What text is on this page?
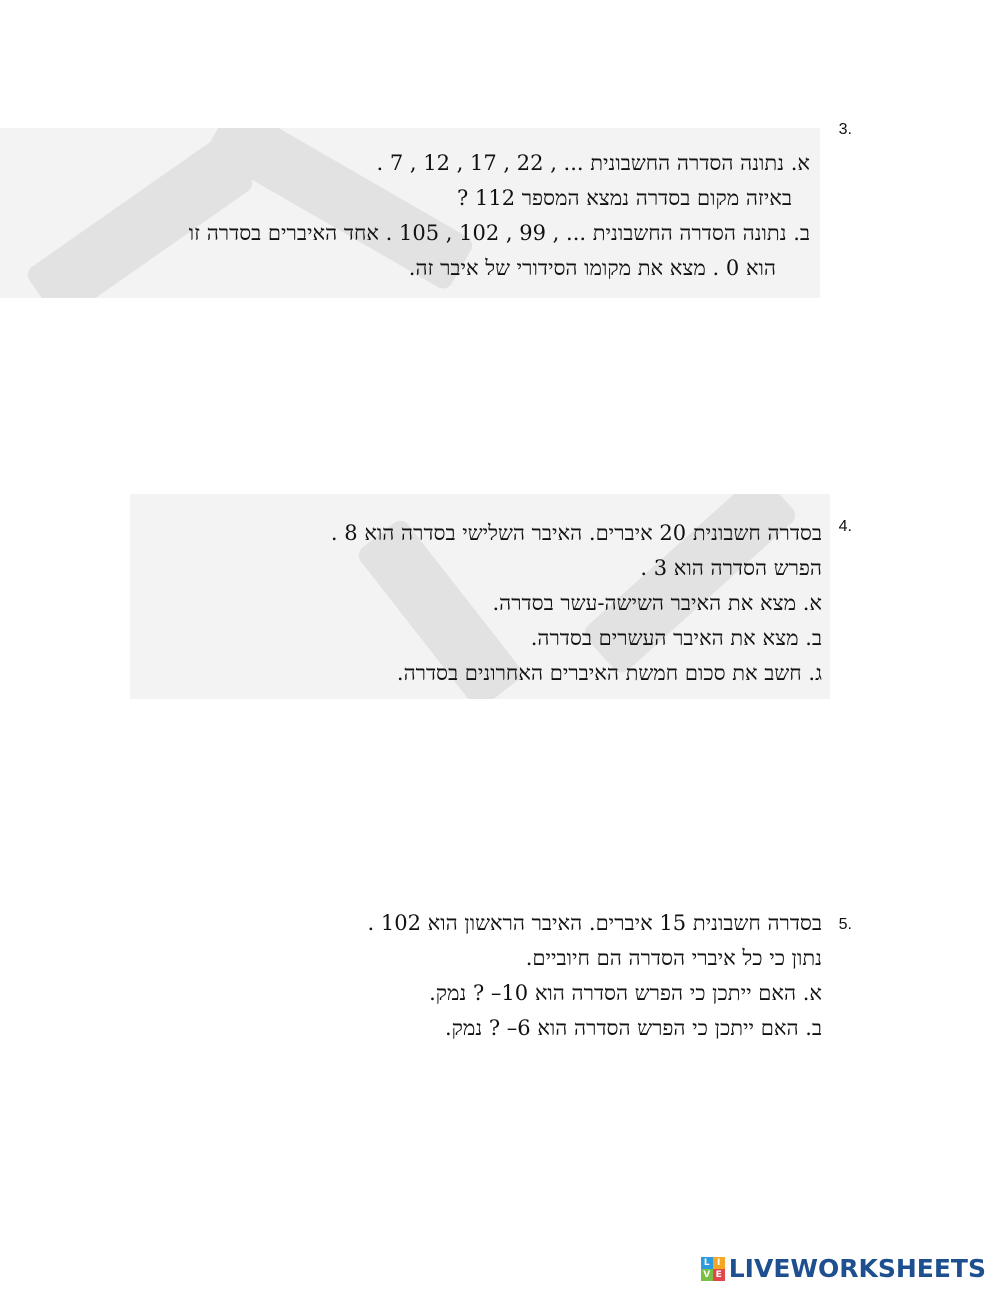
3.
א. נתונה הסדרה החשבונית ... , 22 , 17 , 12 , 7 .
באיזה מקום בסדרה נמצא המספר 112 ?
ב. נתונה הסדרה החשבונית ... , 99 , 102 , 105 . אחד האיברים בסדרה זו
הוא 0 . מצא את מקומו הסידורי של איבר זה.
4.
בסדרה חשבונית 20 איברים. האיבר השלישי בסדרה הוא 8 .
הפרש הסדרה הוא 3 .
א. מצא את האיבר השישה-עשר בסדרה.
ב. מצא את האיבר העשרים בסדרה.
ג. חשב את סכום חמשת האיברים האחרונים בסדרה.
5.
בסדרה חשבונית 15 איברים. האיבר הראשון הוא 102 .
נתון כי כל איברי הסדרה הם חיוביים.
א. האם ייתכן כי הפרש הסדרה הוא 10– ? נמק.
ב. האם ייתכן כי הפרש הסדרה הוא 6– ? נמק.
L I
V E LIVEWORKSHEETS
